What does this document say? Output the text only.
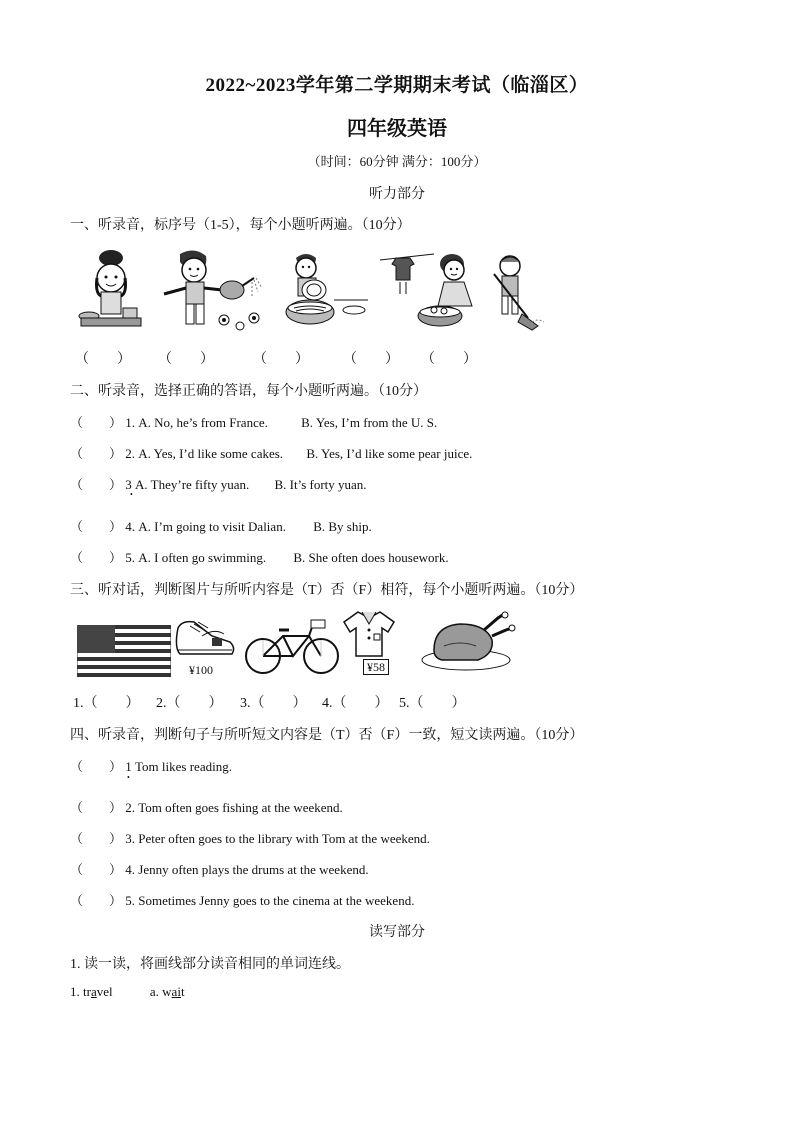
2022~2023学年第二学期期末考试（临淄区）
四年级英语
（时间：60分钟 满分：100分）
听力部分
一、听录音，标序号（1-5），每个小题听两遍。（10分）
（　　） （　　）	（　　） （　　） （　　）
二、听录音，选择正确的答语，每个小题听两遍。（10分）
（　　） 1. A. No, he’s from France.	B. Yes, I’m from the U. S.
（　　） 2. A. Yes, I’d like some cakes. B. Yes, I’d like some pear juice.
（　　） 3 A. They’re fifty yuan. B. It’s forty yuan.
•
（　　） 4. A. I’m going to visit Dalian. B. By ship.
（　　） 5. A. I often go swimming. B. She often does housework.
三、听对话，判断图片与所听内容是（T）否（F）相符，每个小题听两遍。（10分）
¥100	¥58
1.（　　） 2.（　　） 3.（　　） 4.（　　） 5.（　　）
四、听录音，判断句子与所听短文内容是（T）否（F）一致，短文读两遍。（10分）
（　　） 1 Tom likes reading.
•
（　　） 2. Tom often goes fishing at the weekend.
（　　） 3. Peter often goes to the library with Tom at the weekend.
（　　） 4. Jenny often plays the drums at the weekend.
（　　） 5. Sometimes Jenny goes to the cinema at the weekend.
读写部分
1. 读一读，将画线部分读音相同的单词连线。
1. travel	a. wait
